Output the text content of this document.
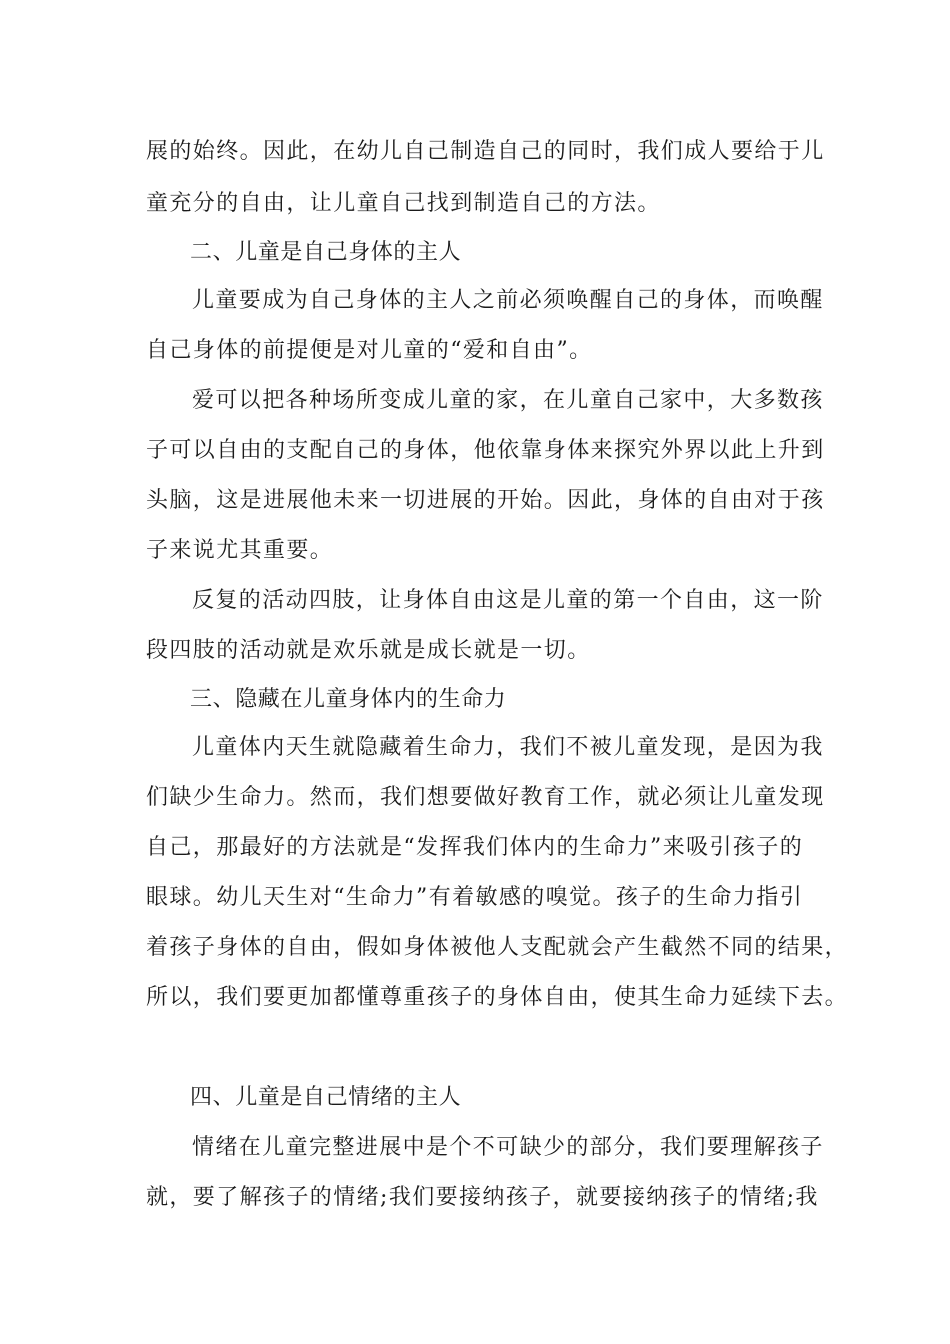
展的始终。因此，在幼儿自己制造自己的同时，我们成人要给于儿
童充分的自由，让儿童自己找到制造自己的方法。
二、儿童是自己身体的主人
儿童要成为自己身体的主人之前必须唤醒自己的身体，而唤醒
自己身体的前提便是对儿童的“爱和自由”。
爱可以把各种场所变成儿童的家，在儿童自己家中，大多数孩
子可以自由的支配自己的身体，他依靠身体来探究外界以此上升到
头脑，这是进展他未来一切进展的开始。因此，身体的自由对于孩
子来说尤其重要。
反复的活动四肢，让身体自由这是儿童的第一个自由，这一阶
段四肢的活动就是欢乐就是成长就是一切。
三、隐藏在儿童身体内的生命力
儿童体内天生就隐藏着生命力，我们不被儿童发现，是因为我
们缺少生命力。然而，我们想要做好教育工作，就必须让儿童发现
自己，那最好的方法就是“发挥我们体内的生命力”来吸引孩子的
眼球。幼儿天生对“生命力”有着敏感的嗅觉。孩子的生命力指引
着孩子身体的自由，假如身体被他人支配就会产生截然不同的结果，
所以，我们要更加都懂尊重孩子的身体自由，使其生命力延续下去。
四、儿童是自己情绪的主人
情绪在儿童完整进展中是个不可缺少的部分，我们要理解孩子
就，要了解孩子的情绪;我们要接纳孩子，就要接纳孩子的情绪;我
